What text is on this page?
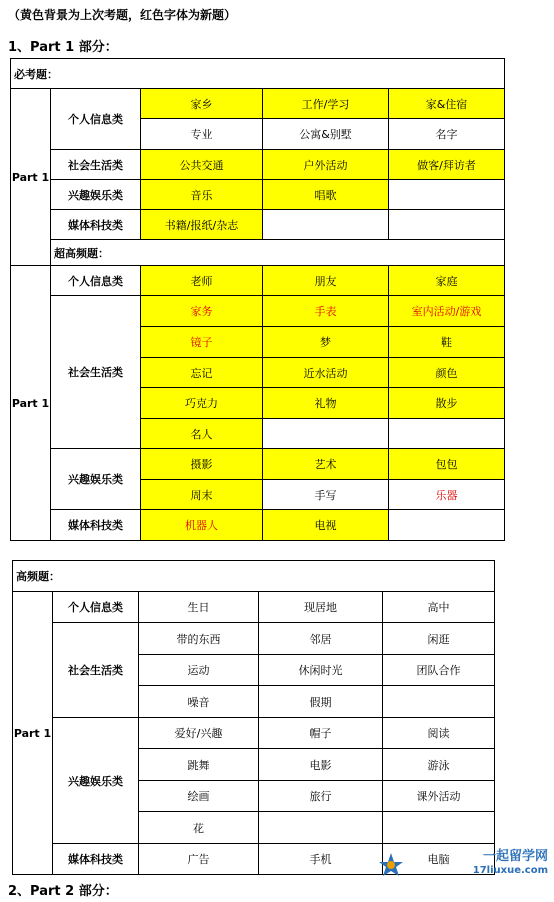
（黄色背景为上次考题，红色字体为新题）
1、Part 1 部分：
必考题：				
Part 1	个人信息类	家乡	工作/学习	家&住宿
		专业	公寓&别墅	名字
	社会生活类	公共交通	户外活动	做客/拜访者
	兴趣娱乐类	音乐	唱歌	
	媒体科技类	书籍/报纸/杂志		
	超高频题：			
Part 1	个人信息类	老师	朋友	家庭
	社会生活类	家务	手表	室内活动/游戏
		镜子	梦	鞋
		忘记	近水活动	颜色
		巧克力	礼物	散步
		名人		
	兴趣娱乐类	摄影	艺术	包包
		周末	手写	乐器
	媒体科技类	机器人	电视	
高频题：				
Part 1	个人信息类	生日	现居地	高中
	社会生活类	带的东西	邻居	闲逛
		运动	休闲时光	团队合作
		噪音	假期	
	兴趣娱乐类	爱好/兴趣	帽子	阅读
		跳舞	电影	游泳
		绘画	旅行	课外活动
		花		
	媒体科技类	广告	手机	电脑
2、Part 2 部分：
一起留学网
17liuxue.com
